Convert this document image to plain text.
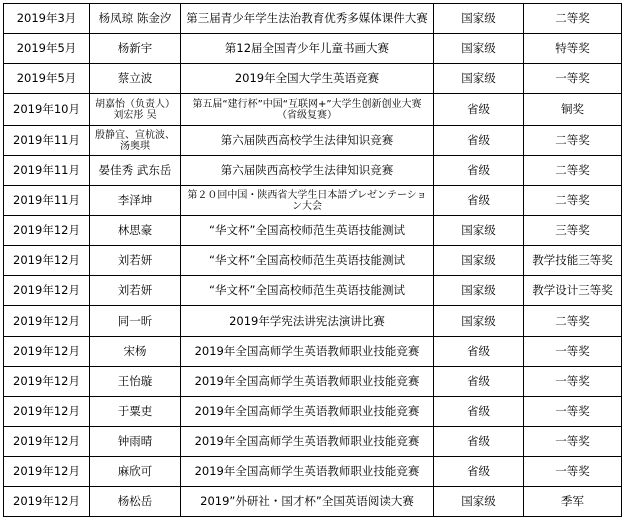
2019年3月	杨凤琼 陈金汐	第三届青少年学生法治教育优秀多媒体课件大赛	国家级	二等奖
2019年5月	杨新宇	第12届全国青少年儿童书画大赛	国家级	特等奖
2019年5月	蔡立波	2019年全国大学生英语竞赛	国家级	一等奖
2019年10月	胡嘉怡（负责人） 刘宏彤 吴	第五届“建行杯”中国“互联网+”大学生创新创业大赛（省级复赛）	省级	铜奖
2019年11月	殷静宜、宣杭波、汤奥琪	第六届陕西高校学生法律知识竞赛	省级	二等奖
2019年11月	晏佳秀 武东岳	第六届陕西高校学生法律知识竞赛	省级	二等奖
2019年11月	李泽坤	第２０回中国・陕西省大学生日本語プレゼンテーション大会	省级	二等奖
2019年12月	林思豪	“华文杯”全国高校师范生英语技能测试	国家级	三等奖
2019年12月	刘若妍	“华文杯”全国高校师范生英语技能测试	国家级	教学技能三等奖
2019年12月	刘若妍	“华文杯”全国高校师范生英语技能测试	国家级	教学设计三等奖
2019年12月	同一昕	2019年学宪法讲宪法演讲比赛	国家级	二等奖
2019年12月	宋杨	2019年全国高师学生英语教师职业技能竞赛	省级	一等奖
2019年12月	王怡璇	2019年全国高师学生英语教师职业技能竞赛	省级	一等奖
2019年12月	于粟吏	2019年全国高师学生英语教师职业技能竞赛	省级	一等奖
2019年12月	钟雨晴	2019年全国高师学生英语教师职业技能竞赛	省级	一等奖
2019年12月	麻欣可	2019年全国高师学生英语教师职业技能竞赛	省级	一等奖
2019年12月	杨松岳	2019”外研社・国才杯”全国英语阅读大赛	国家级	季军
